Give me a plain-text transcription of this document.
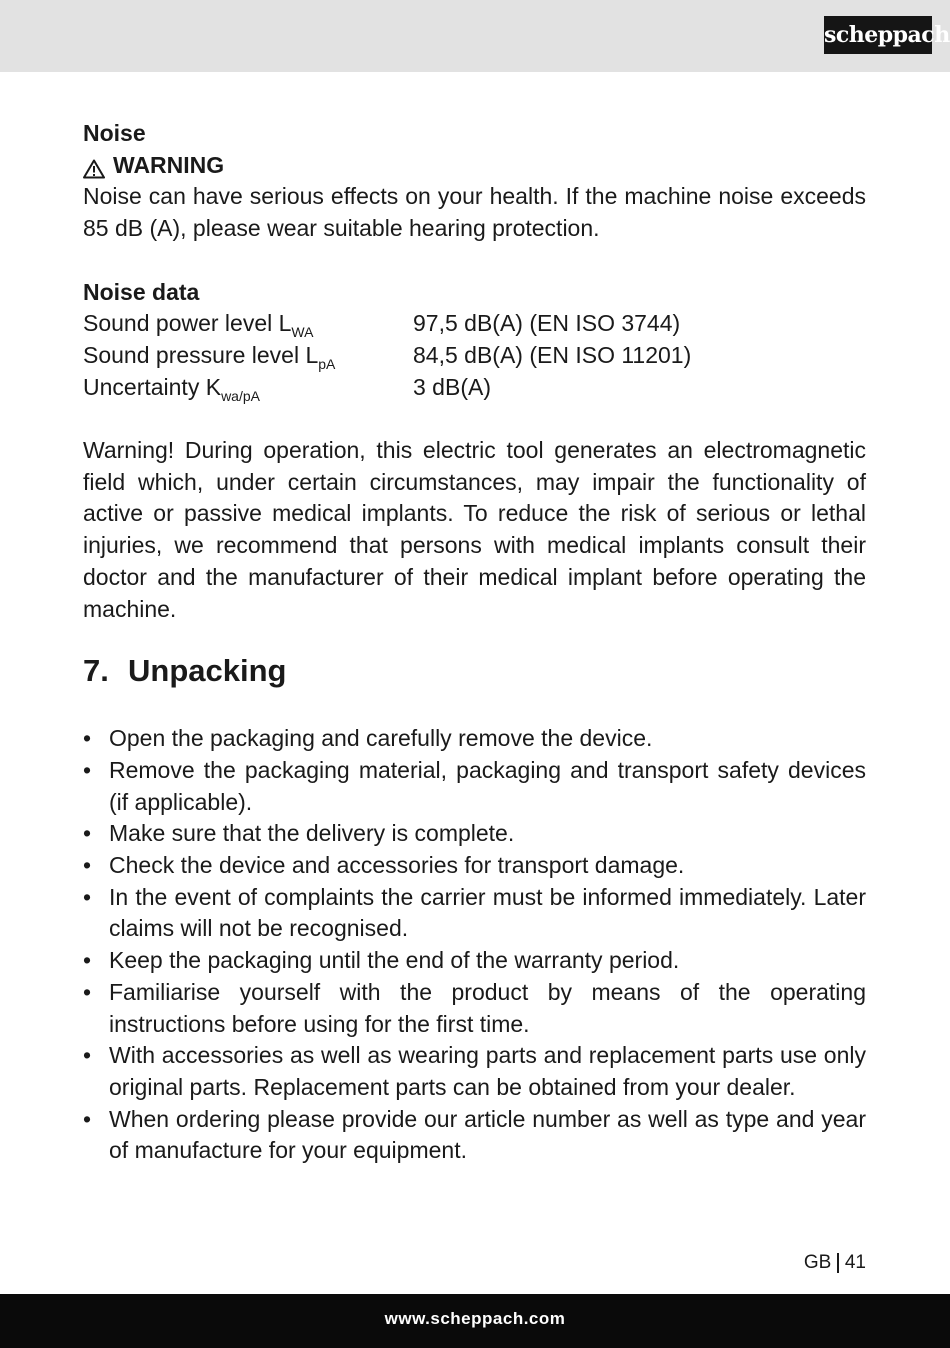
scheppach

Noise

WARNING

Noise can have serious effects on your health. If the machine noise exceeds 85 dB (A), please wear suitable hearing protection.

Noise data

Sound power level $L_{WA}$	97,5 dB(A) (EN ISO 3744)
Sound pressure level $L_{pA}$	84,5 dB(A) (EN ISO 11201)
Uncertainty $K_{wa/pA}$	3 dB(A)

Warning! During operation, this electric tool generates an electromagnetic field which, under certain circumstances, may impair the functionality of active or passive medical implants. To reduce the risk of serious or lethal injuries, we recommend that persons with medical implants consult their doctor and the manufacturer of their medical implant before operating the machine.

7. Unpacking
• Open the packaging and carefully remove the device.
• Remove the packaging material, packaging and transport safety devices (if applicable).
• Make sure that the delivery is complete.
• Check the device and accessories for transport damage.
• In the event of complaints the carrier must be informed immediately. Later claims will not be recognised.
• Keep the packaging until the end of the warranty period.
• Familiarise yourself with the product by means of the operating instructions before using for the first time.
• With accessories as well as wearing parts and replacement parts use only original parts. Replacement parts can be obtained from your dealer.
• When ordering please provide our article number as well as type and year of manufacture for your equipment.
GB 41
www.scheppach.com
